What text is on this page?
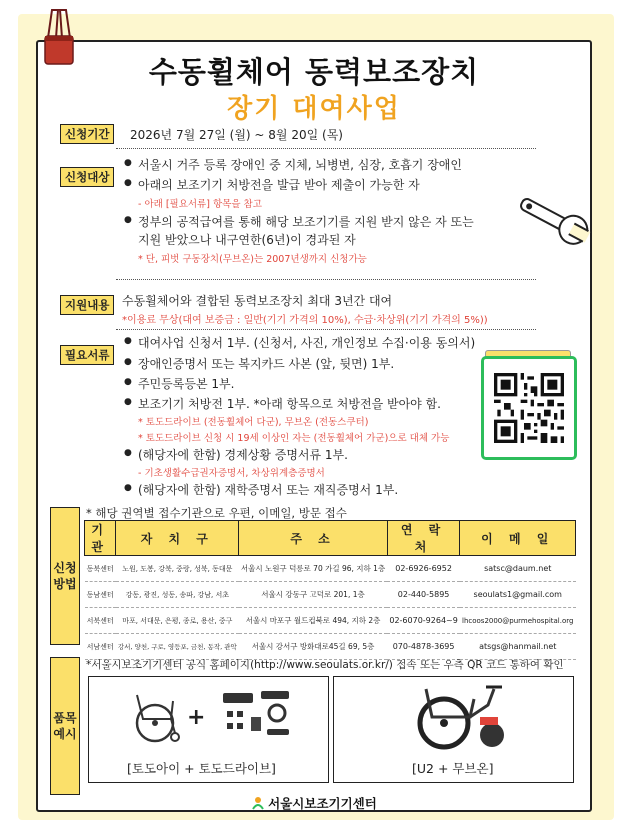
수동휠체어 동력보조장치
장기 대여사업
신청기간	2026년 7월 27일 (월) ~ 8월 20일 (목)
신청대상
● 서울시 거주 등록 장애인 중 지체, 뇌병변, 심장, 호흡기 장애인
● 아래의 보조기기 처방전을 발급 받아 제출이 가능한 자
- 아래 [필요서류] 항목을 참고
● 정부의 공적급여를 통해 해당 보조기기를 지원 받지 않은 자 또는
지원 받았으나 내구연한(6년)이 경과된 자
* 단, 피벗 구동장치(무브온)는 2007년생까지 신청가능
지원내용	수동휠체어와 결합된 동력보조장치 최대 3년간 대여
*이용료 무상(대여 보증금 : 일반(기기 가격의 10%), 수급·차상위(기기 가격의 5%))
필요서류
● 대여사업 신청서 1부. (신청서, 사진, 개인정보 수집·이용 동의서)
● 장애인증명서 또는 복지카드 사본 (앞, 뒷면) 1부.
● 주민등록등본 1부.
● 보조기기 처방전 1부. *아래 항목으로 처방전을 받아야 함.
* 토도드라이브 (전동휠체어 다군), 무브온 (전동스쿠터)
* 토도드라이브 신청 시 19세 이상인 자는 (전동휠체어 가군)으로 대체 가능
● (해당자에 한함) 경제상황 증명서류 1부.
- 기초생활수급권자증명서, 차상위계층증명서
● (해당자에 한함) 재학증명서 또는 재직증명서 1부.
신청
방법
* 해당 권역별 접수기관으로 우편, 이메일, 방문 접수
기 관	자 치 구	주 소	연 락 처	이 메 일
동북센터	노원, 도봉, 강북, 중랑, 성북, 동대문	서울시 노원구 덕릉로 70 가길 96, 지하 1층	02-6926-6952	satsc@daum.net
동남센터	강동, 광진, 성동, 송파, 강남, 서초	서울시 강동구 고덕로 201, 1층	02-440-5895	seoulats1@gmail.com
서북센터	마포, 서대문, 은평, 종로, 용산, 중구	서울시 마포구 월드컵북로 494, 지하 2층	02-6070-9264~9	lhcoos2000@purmehospital.org
서남센터	강서, 양천, 구로, 영등포, 금천, 동작, 관악	서울시 강서구 방화대로45길 69, 5층	070-4878-3695	atsgs@hanmail.net
품목
예시
*서울시보조기기센터 공식 홈페이지(http://www.seoulats.or.kr/) 접속 또는 우측 QR 코드 통하여 확인
+
[토도아이 + 토도드라이브]	[U2 + 무브온]
서울시보조기기센터
